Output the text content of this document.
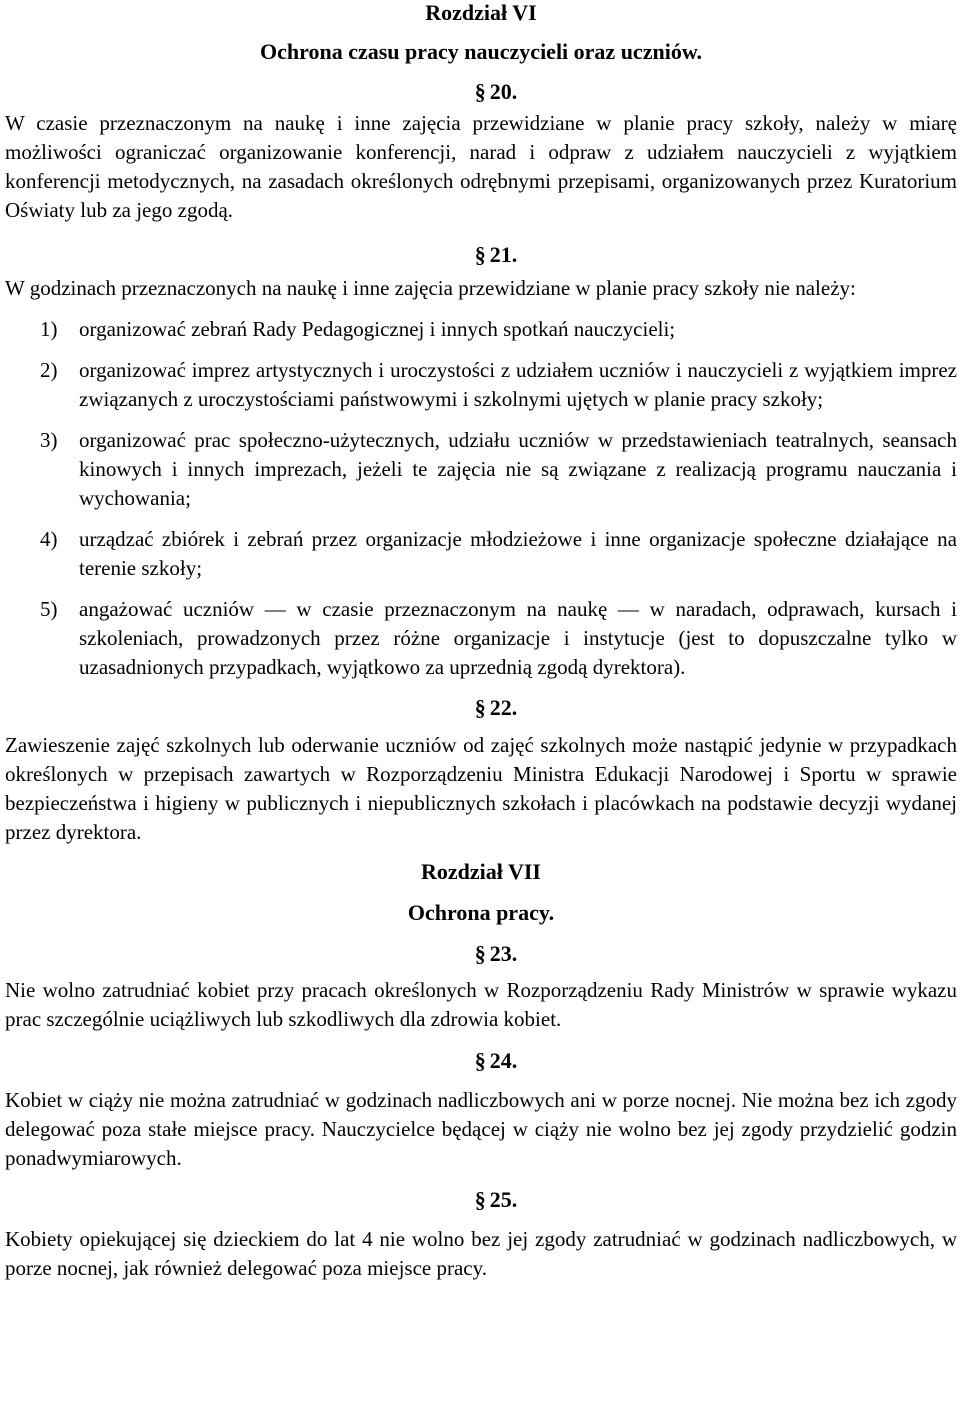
Rozdział VI
Ochrona czasu pracy nauczycieli oraz uczniów.
§ 20.

W czasie przeznaczonym na naukę i inne zajęcia przewidziane w planie pracy szkoły, należy w miarę możliwości ograniczać organizowanie konferencji, narad i odpraw z udziałem nauczycieli z wyjątkiem konferencji metodycznych, na zasadach określonych odrębnymi przepisami, organizowanych przez Kuratorium Oświaty lub za jego zgodą.

§ 21.

W godzinach przeznaczonych na naukę i inne zajęcia przewidziane w planie pracy szkoły nie należy:

1)	organizować zebrań Rady Pedagogicznej i innych spotkań nauczycieli;
2)	organizować imprez artystycznych i uroczystości z udziałem uczniów i nauczycieli z wyjątkiem imprez związanych z uroczystościami państwowymi i szkolnymi ujętych w planie pracy szkoły;
3)	organizować prac społeczno-użytecznych, udziału uczniów w przedstawieniach teatralnych, seansach kinowych i innych imprezach, jeżeli te zajęcia nie są związane z realizacją programu nauczania i wychowania;
4)	urządzać zbiórek i zebrań przez organizacje młodzieżowe i inne organizacje społeczne działające na terenie szkoły;
5)	angażować uczniów — w czasie przeznaczonym na naukę — w naradach, odprawach, kursach i szkoleniach, prowadzonych przez różne organizacje i instytucje (jest to dopuszczalne tylko w uzasadnionych przypadkach, wyjątkowo za uprzednią zgodą dyrektora).
§ 22.

Zawieszenie zajęć szkolnych lub oderwanie uczniów od zajęć szkolnych może nastąpić jedynie w przypadkach określonych w przepisach zawartych w Rozporządzeniu Ministra Edukacji Narodowej i Sportu w sprawie bezpieczeństwa i higieny w publicznych i niepublicznych szkołach i placówkach na podstawie decyzji wydanej przez dyrektora.

Rozdział VII
Ochrona pracy.
§ 23.

Nie wolno zatrudniać kobiet przy pracach określonych w Rozporządzeniu Rady Ministrów w sprawie wykazu prac szczególnie uciążliwych lub szkodliwych dla zdrowia kobiet.

§ 24.

Kobiet w ciąży nie można zatrudniać w godzinach nadliczbowych ani w porze nocnej. Nie można bez ich zgody delegować poza stałe miejsce pracy. Nauczycielce będącej w ciąży nie wolno bez jej zgody przydzielić godzin ponadwymiarowych.

§ 25.

Kobiety opiekującej się dzieckiem do lat 4 nie wolno bez jej zgody zatrudniać w godzinach nadliczbowych, w porze nocnej, jak również delegować poza miejsce pracy.
